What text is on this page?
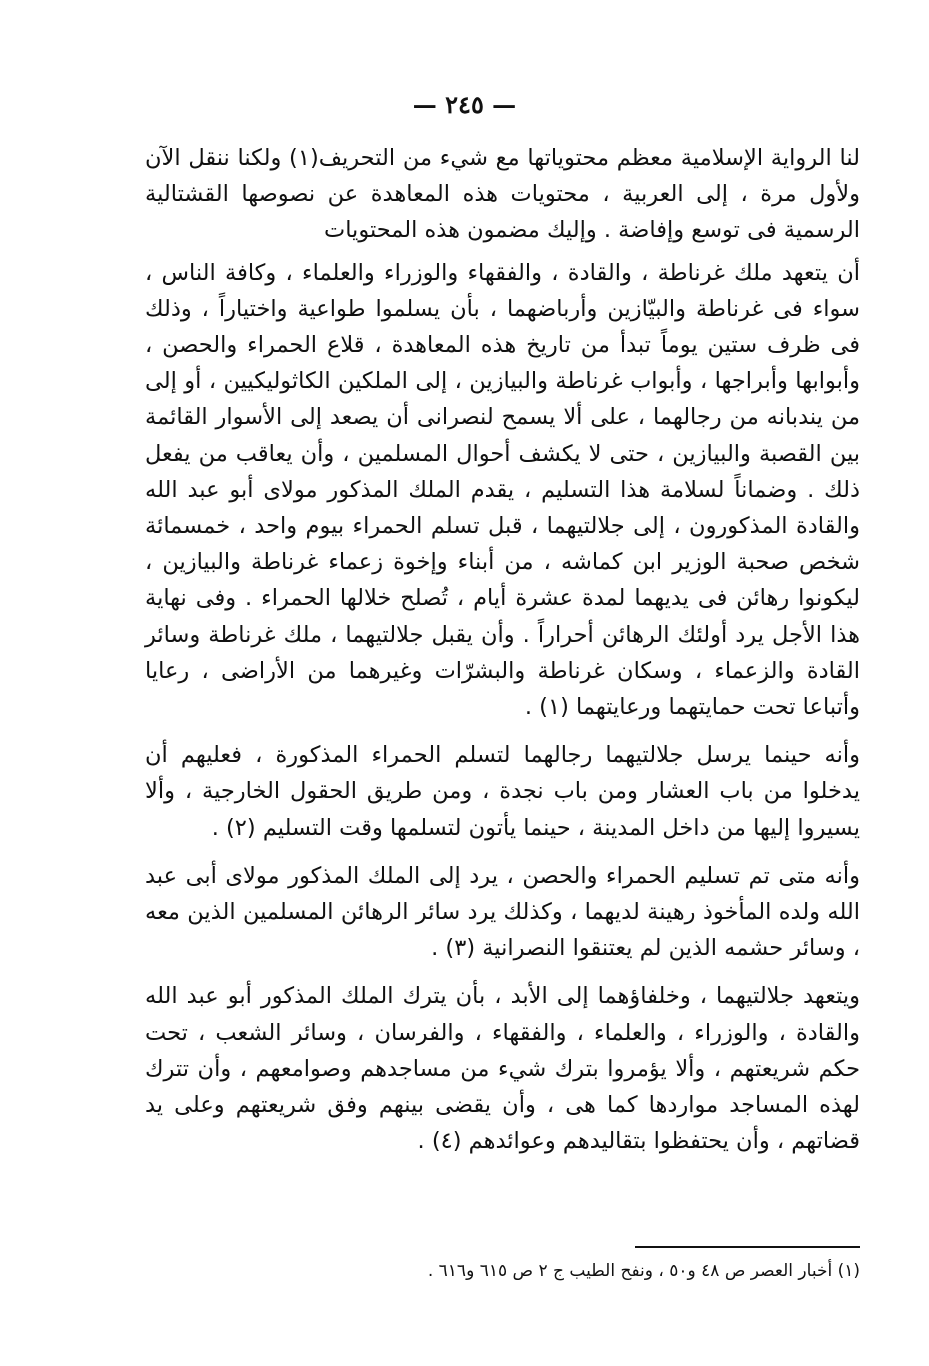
— ٢٤٥ —

لنا الرواية الإسلامية معظم محتوياتها مع شيء من التحريف(١) ولكنا ننقل الآن ولأول مرة ، إلى العربية ، محتويات هذه المعاهدة عن نصوصها القشتالية الرسمية فى توسع وإفاضة . وإليك مضمون هذه المحتويات

أن يتعهد ملك غرناطة ، والقادة ، والفقهاء والوزراء والعلماء ، وكافة الناس ، سواء فى غرناطة والبيّازين وأرباضهما ، بأن يسلموا طواعية واختياراً ، وذلك فى ظرف ستين يوماً تبدأ من تاريخ هذه المعاهدة ، قلاع الحمراء والحصن ، وأبوابها وأبراجها ، وأبواب غرناطة والبيازين ، إلى الملكين الكاثوليكيين ، أو إلى من يندبانه من رجالهما ، على ألا يسمح لنصرانى أن يصعد إلى الأسوار القائمة بين القصبة والبيازين ، حتى لا يكشف أحوال المسلمين ، وأن يعاقب من يفعل ذلك . وضماناً لسلامة هذا التسليم ، يقدم الملك المذكور مولاى أبو عبد الله والقادة المذكورون ، إلى جلالتيهما ، قبل تسلم الحمراء بيوم واحد ، خمسمائة شخص صحبة الوزير ابن كماشه ، من أبناء وإخوة زعماء غرناطة والبيازين ، ليكونوا رهائن فى يديهما لمدة عشرة أيام ، تُصلح خلالها الحمراء . وفى نهاية هذا الأجل يرد أولئك الرهائن أحراراً . وأن يقبل جلالتيهما ، ملك غرناطة وسائر القادة والزعماء ، وسكان غرناطة والبشرّات وغيرهما من الأراضى ، رعايا وأتباعا تحت حمايتهما ورعايتهما (١) .

وأنه حينما يرسل جلالتيهما رجالهما لتسلم الحمراء المذكورة ، فعليهم أن يدخلوا من باب العشار ومن باب نجدة ، ومن طريق الحقول الخارجية ، وألا يسيروا إليها من داخل المدينة ، حينما يأتون لتسلمها وقت التسليم (٢) .

وأنه متى تم تسليم الحمراء والحصن ، يرد إلى الملك المذكور مولاى أبى عبد الله ولده المأخوذ رهينة لديهما ، وكذلك يرد سائر الرهائن المسلمين الذين معه ، وسائر حشمه الذين لم يعتنقوا النصرانية (٣) .

ويتعهد جلالتيهما ، وخلفاؤهما إلى الأبد ، بأن يترك الملك المذكور أبو عبد الله والقادة ، والوزراء ، والعلماء ، والفقهاء ، والفرسان ، وسائر الشعب ، تحت حكم شريعتهم ، وألا يؤمروا بترك شيء من مساجدهم وصوامعهم ، وأن تترك لهذه المساجد مواردها كما هى ، وأن يقضى بينهم وفق شريعتهم وعلى يد قضاتهم ، وأن يحتفظوا بتقاليدهم وعوائدهم (٤) .

(١) أخبار العصر ص ٤٨ و٥٠ ، ونفح الطيب ج ٢ ص ٦١٥ و٦١٦ .
